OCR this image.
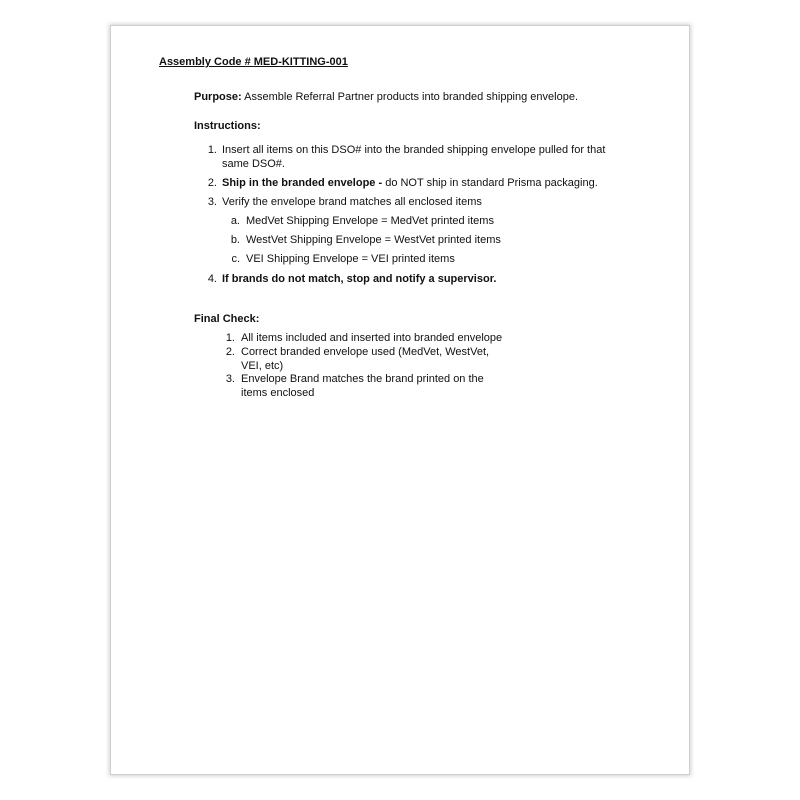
Assembly Code # MED-KITTING-001
Purpose: Assemble Referral Partner products into branded shipping envelope.
Instructions:
1. Insert all items on this DSO# into the branded shipping envelope pulled for that
same DSO#.
2. Ship in the branded envelope - do NOT ship in standard Prisma packaging.
3. Verify the envelope brand matches all enclosed items
a. MedVet Shipping Envelope = MedVet printed items
b. WestVet Shipping Envelope = WestVet printed items
c. VEI Shipping Envelope = VEI printed items
4. If brands do not match, stop and notify a supervisor.
Final Check:
1. All items included and inserted into branded envelope
2. Correct branded envelope used (MedVet, WestVet,
VEI, etc)
3. Envelope Brand matches the brand printed on the
items enclosed
